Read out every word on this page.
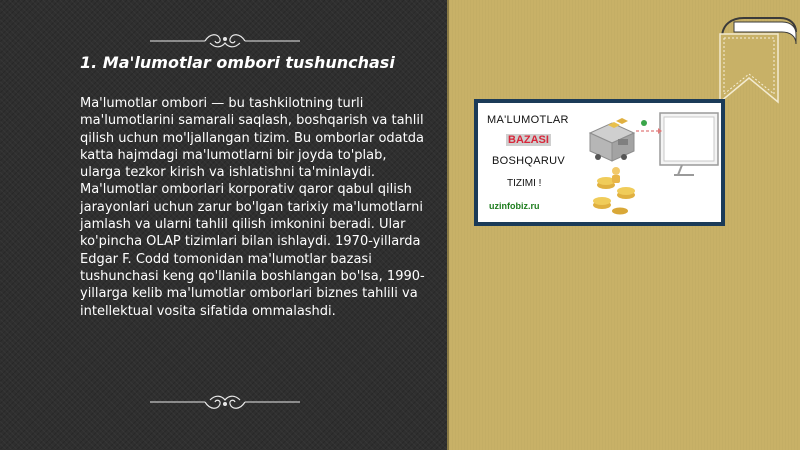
1. Ma'lumotlar ombori tushunchasi

Ma'lumotlar ombori — bu tashkilotning turli ma'lumotlarini samarali saqlash, boshqarish va tahlil qilish uchun mo'ljallangan tizim. Bu omborlar odatda katta hajmdagi ma'lumotlarni bir joyda to'plab, ularga tezkor kirish va ishlatishni ta'minlaydi. Ma'lumotlar omborlari korporativ qaror qabul qilish jarayonlari uchun zarur bo'lgan tarixiy ma'lumotlarni jamlash va ularni tahlil qilish imkonini beradi. Ular ko'pincha OLAP tizimlari bilan ishlaydi. 1970-yillarda Edgar F. Codd tomonidan ma'lumotlar bazasi tushunchasi keng qo'llanila boshlangan bo'lsa, 1990-yillarga kelib ma'lumotlar omborlari biznes tahlili va intellektual vosita sifatida ommalashdi.

MA'LUMOTLAR
BAZASI
BOSHQARUV
TIZIMI !
uzinfobiz.ru
